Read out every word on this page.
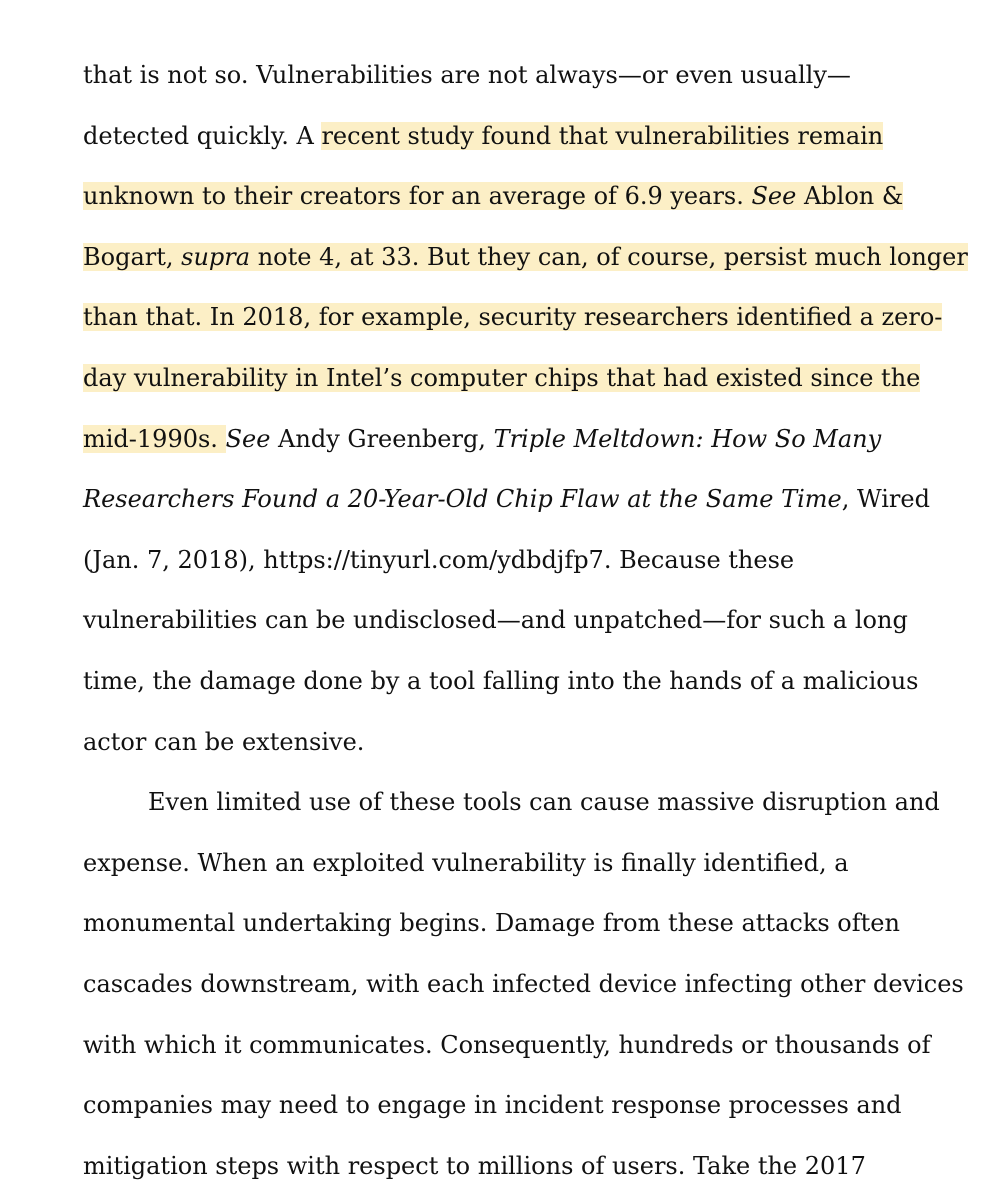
that is not so. Vulnerabilities are not always—or even usually—
detected quickly. A recent study found that vulnerabilities remain
unknown to their creators for an average of 6.9 years. See Ablon &
Bogart, supra note 4, at 33. But they can, of course, persist much longer
than that. In 2018, for example, security researchers identified a zero-
day vulnerability in Intel’s computer chips that had existed since the
mid-1990s. See Andy Greenberg, Triple Meltdown: How So Many
Researchers Found a 20-Year-Old Chip Flaw at the Same Time, Wired
(Jan. 7, 2018), https://tinyurl.com/ydbdjfp7. Because these
vulnerabilities can be undisclosed—and unpatched—for such a long
time, the damage done by a tool falling into the hands of a malicious
actor can be extensive.
Even limited use of these tools can cause massive disruption and
expense. When an exploited vulnerability is finally identified, a
monumental undertaking begins. Damage from these attacks often
cascades downstream, with each infected device infecting other devices
with which it communicates. Consequently, hundreds or thousands of
companies may need to engage in incident response processes and
mitigation steps with respect to millions of users. Take the 2017
